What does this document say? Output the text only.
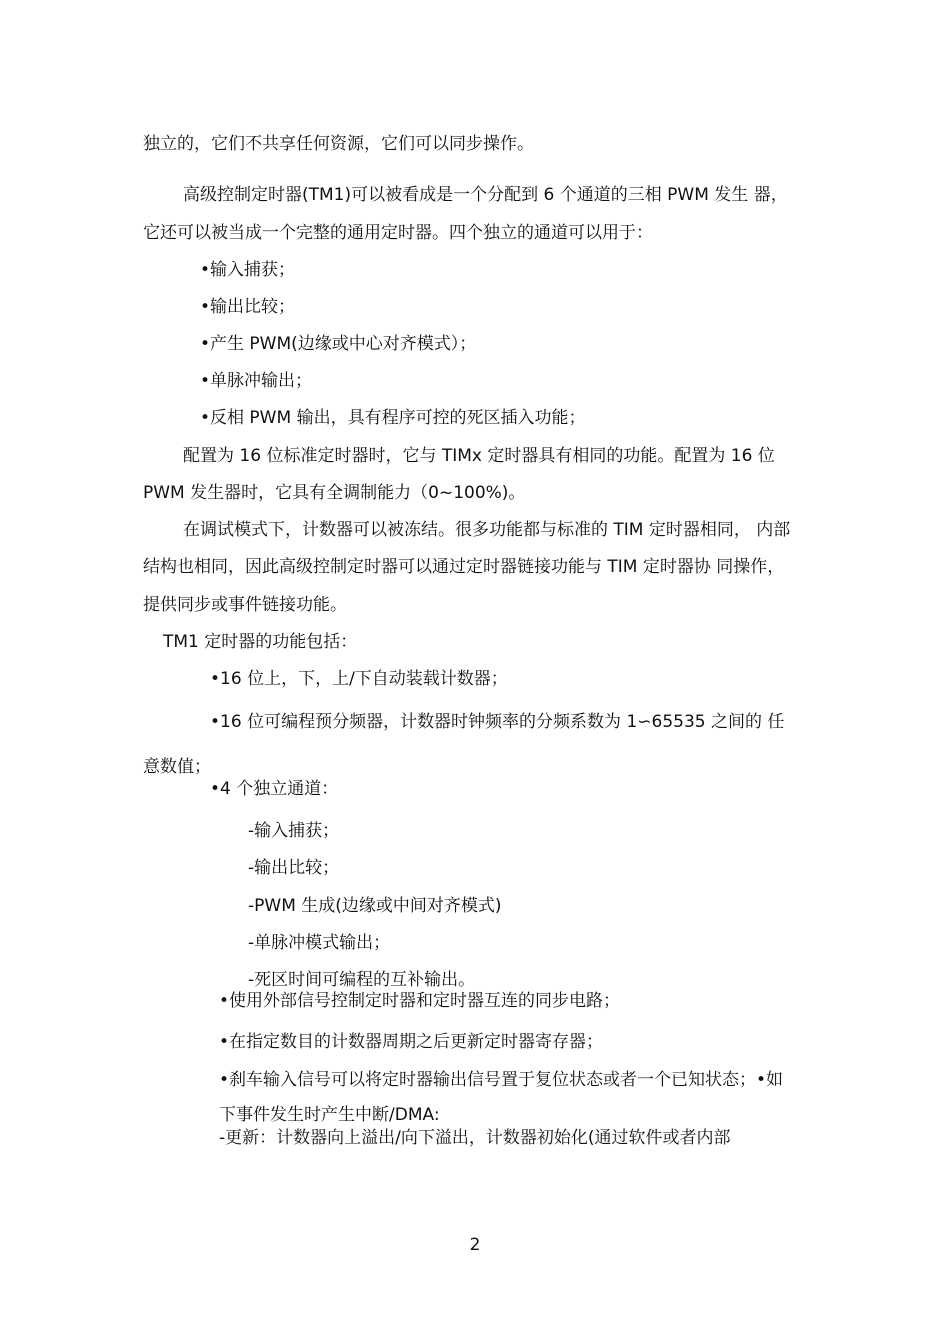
独立的，它们不共享任何资源，它们可以同步操作。
高级控制定时器(TM1)可以被看成是一个分配到 6 个通道的三相 PWM 发生 器，
它还可以被当成一个完整的通用定时器。四个独立的通道可以用于：
•输入捕获；
•输出比较；
•产生 PWM(边缘或中心对齐模式）；
•单脉冲输出；
•反相 PWM 输出，具有程序可控的死区插入功能；
配置为 16 位标准定时器时，它与 TIMx 定时器具有相同的功能。配置为 16 位
PWM 发生器时，它具有全调制能力（0~100%)。
在调试模式下，计数器可以被冻结。很多功能都与标准的 TIM 定时器相同， 内部
结构也相同，因此高级控制定时器可以通过定时器链接功能与 TIM 定时器协 同操作，
提供同步或事件链接功能。
TM1 定时器的功能包括：
•16 位上，下，上/下自动装载计数器；
•16 位可编程预分频器，计数器时钟频率的分频系数为 1∽65535 之间的 任
意数值；
•4 个独立通道：
-输入捕获；
-输出比较；
-PWM 生成(边缘或中间对齐模式)
-单脉冲模式输出；
-死区时间可编程的互补输出。
•使用外部信号控制定时器和定时器互连的同步电路；
•在指定数目的计数器周期之后更新定时器寄存器；
•刹车输入信号可以将定时器输出信号置于复位状态或者一个已知状态；•如
下事件发生时产生中断/DMA:
-更新：计数器向上溢出/向下溢出，计数器初始化(通过软件或者内部
2
